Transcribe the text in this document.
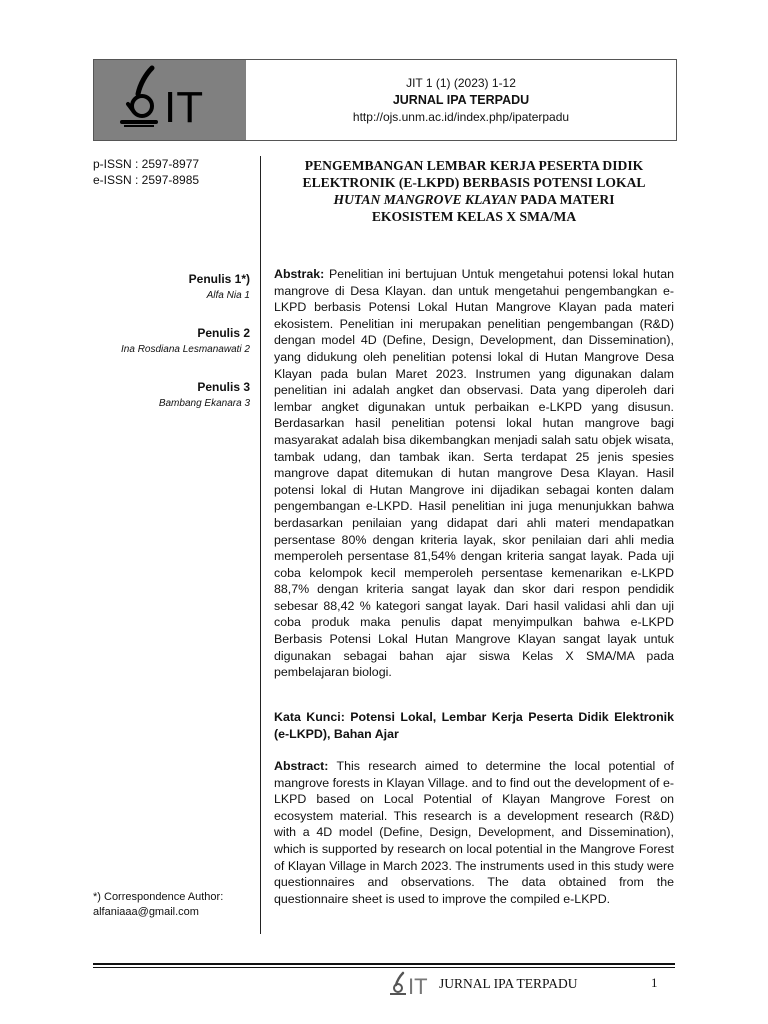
IT	JIT 1 (1) (2023) 1-12
JURNAL IPA TERPADU
http://ojs.unm.ac.id/index.php/ipaterpadu
p-ISSN : 2597-8977
e-ISSN : 2597-8985
Penulis 1*)
Alfa Nia 1
Penulis 2
Ina Rosdiana Lesmanawati 2
Penulis 3
Bambang Ekanara 3
*) Correspondence Author:
alfaniaaa@gmail.com
PENGEMBANGAN LEMBAR KERJA PESERTA DIDIK
ELEKTRONIK (E-LKPD) BERBASIS POTENSI LOKAL
HUTAN MANGROVE KLAYAN PADA MATERI
EKOSISTEM KELAS X SMA/MA
Abstrak: Penelitian ini bertujuan Untuk mengetahui potensi lokal hutan mangrove di Desa Klayan. dan untuk mengetahui pengembangkan e-LKPD berbasis Potensi Lokal Hutan Mangrove Klayan pada materi ekosistem. Penelitian ini merupakan penelitian pengembangan (R&D) dengan model 4D (Define, Design, Development, dan Dissemination), yang didukung oleh penelitian potensi lokal di Hutan Mangrove Desa Klayan pada bulan Maret 2023. Instrumen yang digunakan dalam penelitian ini adalah angket dan observasi. Data yang diperoleh dari lembar angket digunakan untuk perbaikan e-LKPD yang disusun. Berdasarkan hasil penelitian potensi lokal hutan mangrove bagi masyarakat adalah bisa dikembangkan menjadi salah satu objek wisata, tambak udang, dan tambak ikan. Serta terdapat 25 jenis spesies mangrove dapat ditemukan di hutan mangrove Desa Klayan. Hasil potensi lokal di Hutan Mangrove ini dijadikan sebagai konten dalam pengembangan e-LKPD. Hasil penelitian ini juga menunjukkan bahwa berdasarkan penilaian yang didapat dari ahli materi mendapatkan persentase 80% dengan kriteria layak, skor penilaian dari ahli media memperoleh persentase 81,54% dengan kriteria sangat layak. Pada uji coba kelompok kecil memperoleh persentase kemenarikan e-LKPD 88,7% dengan kriteria sangat layak dan skor dari respon pendidik sebesar 88,42 % kategori sangat layak. Dari hasil validasi ahli dan uji coba produk maka penulis dapat menyimpulkan bahwa e-LKPD Berbasis Potensi Lokal Hutan Mangrove Klayan sangat layak untuk digunakan sebagai bahan ajar siswa Kelas X SMA/MA pada pembelajaran biologi.
Kata Kunci: Potensi Lokal, Lembar Kerja Peserta Didik Elektronik (e-LKPD), Bahan Ajar
Abstract: This research aimed to determine the local potential of mangrove forests in Klayan Village. and to find out the development of e-LKPD based on Local Potential of Klayan Mangrove Forest on ecosystem material. This research is a development research (R&D) with a 4D model (Define, Design, Development, and Dissemination), which is supported by research on local potential in the Mangrove Forest of Klayan Village in March 2023. The instruments used in this study were questionnaires and observations. The data obtained from the questionnaire sheet is used to improve the compiled e-LKPD.
IT JURNAL IPA TERPADU	1
